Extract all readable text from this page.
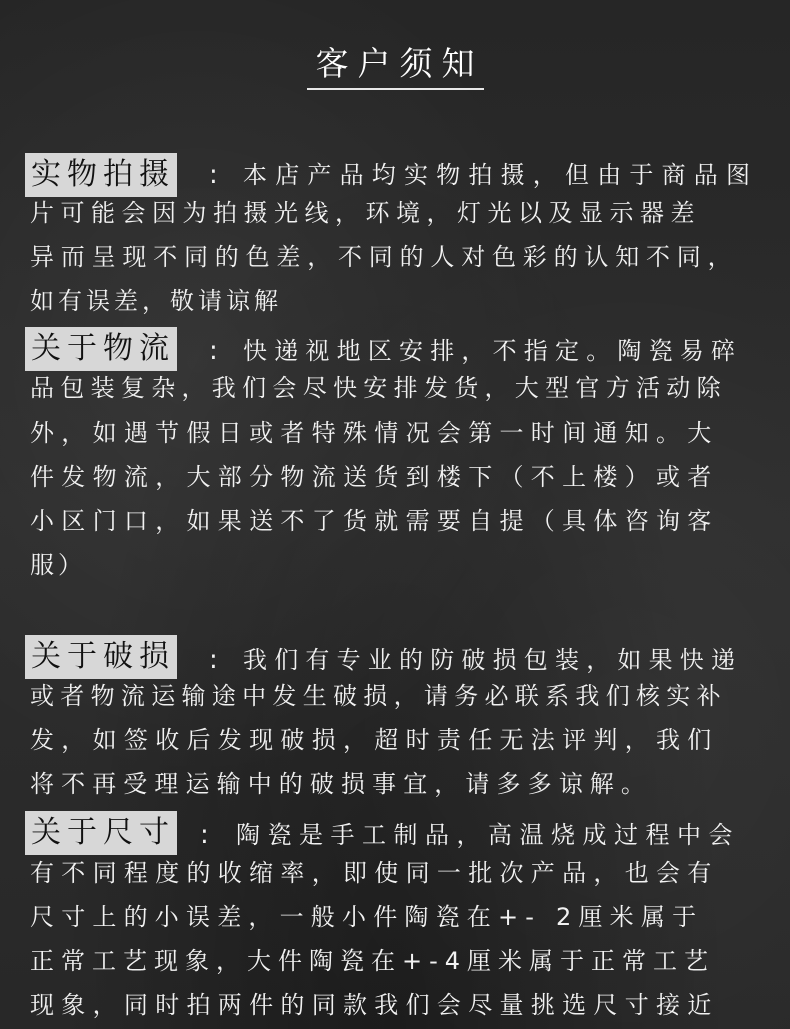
客户须知
实物拍摄 : 本店产品均实物拍摄，但由于商品图
片可能会因为拍摄光线，环境，灯光以及显示器差
异而呈现不同的色差，不同的人对色彩的认知不同，
如有误差，敬请谅解
关于物流 : 快递视地区安排，不指定。陶瓷易碎
品包装复杂，我们会尽快安排发货，大型官方活动除
外，如遇节假日或者特殊情况会第一时间通知。大
件发物流，大部分物流送货到楼下（不上楼）或者
小区门口，如果送不了货就需要自提（具体咨询客
服）
关于破损 : 我们有专业的防破损包装，如果快递
或者物流运输途中发生破损，请务必联系我们核实补
发，如签收后发现破损，超时责任无法评判，我们
将不再受理运输中的破损事宜，请多多谅解。
关于尺寸 : 陶瓷是手工制品，高温烧成过程中会
有不同程度的收缩率，即使同一批次产品，也会有
尺寸上的小误差，一般小件陶瓷在+- 2厘米属于
正常工艺现象，大件陶瓷在+-4厘米属于正常工艺
现象，同时拍两件的同款我们会尽量挑选尺寸接近
